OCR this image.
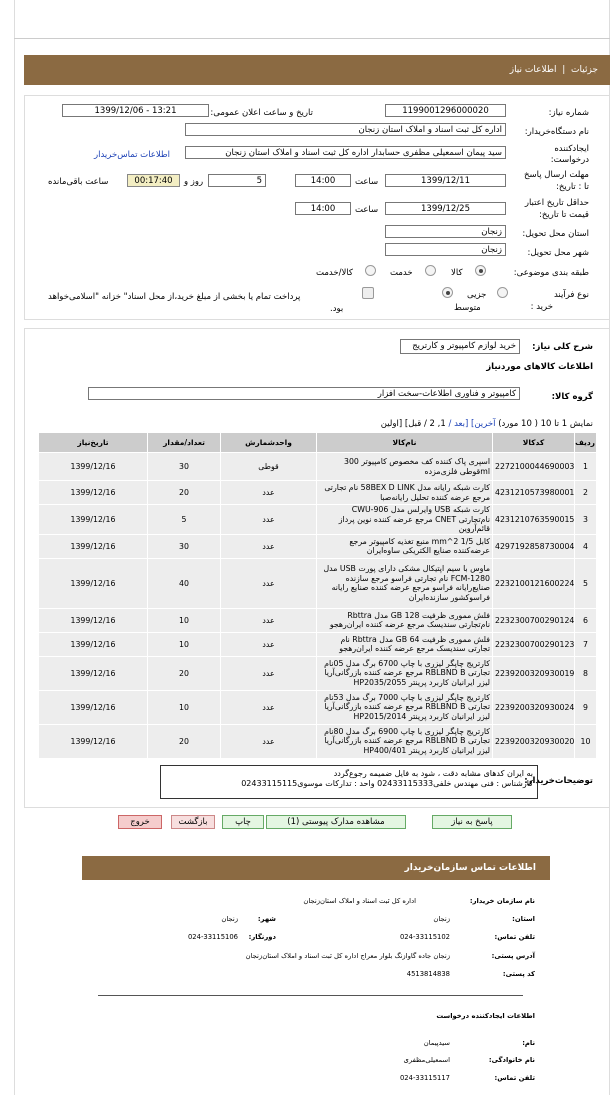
جزئیات  |  اطلاعات نیاز
شماره نیاز:
1199001296000020
تاریخ و ساعت اعلان عمومی:
1399/12/06 - 13:21
نام دستگاه‌خریدار:
اداره کل ثبت اسناد و املاک استان زنجان
ایجادکننده
درخواست:
سید پیمان اسمعیلی مظفری حسابدار اداره کل ثبت اسناد و املاک استان زنجان
اطلاعات تماس‌خریدار
مهلت ارسال پاسخ
تا : تاریخ:
1399/12/11
ساعت
14:00
5
روز و
00:17:40
ساعت باقی‌مانده
حداقل تاریخ اعتبار
قیمت تا تاریخ:
1399/12/25
ساعت
14:00
استان محل تحویل:
زنجان
شهر محل تحویل:
زنجان
طبقه بندی موضوعی:
کالا
خدمت
کالا/خدمت
نوع فرآیند
خرید :
جزیی
متوسط
پرداخت تمام یا بخشی از مبلغ خرید،از محل اسناد" خزانه "اسلامی‌خواهد
بود.
شرح کلی نیاز:
خرید لوازم کامپیوتر و کارتریج
اطلاعات کالاهای موردنیاز
گروه کالا:
کامپیوتر و فناوری اطلاعات-سخت افزار
نمایش 1 تا 10 ( 10 مورد) آخرین] [بعد / 1, 2 / قبل] [اولین
ردیف	کدکالا	نام‌کالا	واحدشمارش	تعداد/مقدار	تاریخ‌نیاز
1	2272100044690003	اسپری پاک کننده کف مخصوص کامپیوتر 300 mlقوطی فلزی‌مزده	قوطی	30	1399/12/16
2	4231210573980001	کارت شبکه رایانه مدل 58BEX D LINK نام تجارتی مرجع عرضه کننده تحلیل رایانه‌صبا	عدد	20	1399/12/16
3	4231210763590015	کارت شبکه USB وایرلس مدل CWU-906 نام‌تجارتی CNET مرجع عرضه کننده نوین پرداز قائم‌آروین	عدد	5	1399/12/16
4	4297192858730004	کابل 1/5 mm^2 منبع تغذیه کامپیوتر مرجع عرضه‌کننده صنایع الکتریکی ساوه‌ایران	عدد	30	1399/12/16
5	2232100121600224	ماوس با سیم اپتیکال مشکی دارای پورت USB مدل FCM-1280 نام تجارتی فراسو مرجع سازنده صنایع‌رایانه فراسو مرجع عرضه کننده صنایع رایانه فراسوکشور سازنده‌ایران	عدد	40	1399/12/16
6	2232300700290124	فلش مموری ظرفیت 128 GB مدل Rbttra نام‌تجارتی سندیسک مرجع عرضه کننده ایران‌رهجو	عدد	10	1399/12/16
7	2232300700290123	فلش مموری ظرفیت 64 GB مدل Rbttra نام تجارتی سندیسک مرجع عرضه کننده ایران‌رهجو	عدد	10	1399/12/16
8	2239200320930019	کارتریج چاپگر لیزری با چاپ 6700 برگ مدل 05نام تجارتی RBLBND B مرجع عرضه کننده بازرگانی‌آریا لیزر ایرانیان کاربرد پرینتر HP2035/2055	عدد	20	1399/12/16
9	2239200320930024	کارتریج چاپگر لیزری با چاپ 7000 برگ مدل 53نام تجارتی RBLBND B مرجع عرضه کننده بازرگانی‌آریا لیزر ایرانیان کاربرد پرینتر HP2015/2014	عدد	10	1399/12/16
10	2239200320930020	کارتریج چاپگر لیزری با چاپ 6900 برگ مدل 80نام تجارتی RBLBND B مرجع عرضه کننده بازرگانی‌آریا لیزر ایرانیان کاربرد پرینتر HP400/401	عدد	20	1399/12/16
توضیحات‌خریدار:
به ایران کدهای مشابه دقت ، شود به فایل ضمیمه رجوع‌گردد
کارشناس : فنی مهندس خلفی02433115333 واحد : تدارکات موسوی02433115115
پاسخ به نیاز
مشاهده مدارک پیوستی (1)
چاپ
بازگشت
خروج
اطلاعات تماس سازمان‌خریدار
نام سازمان خریدار:
اداره کل ثبت اسناد و املاک استان‌زنجان
استان:
زنجان
شهر:
زنجان
تلفن تماس:
024-33115102
دورنگار:
024-33115106
آدرس پستی:
زنجان جاده گاوازنگ بلوار معراج اداره کل ثبت اسناد و املاک استان‌زنجان
کد پستی:
4513814838
اطلاعات ایجادکننده درخواست
نام:
سیدپیمان
نام خانوادگی:
اسمعیلی‌مظفری
تلفن تماس:
024-33115117
